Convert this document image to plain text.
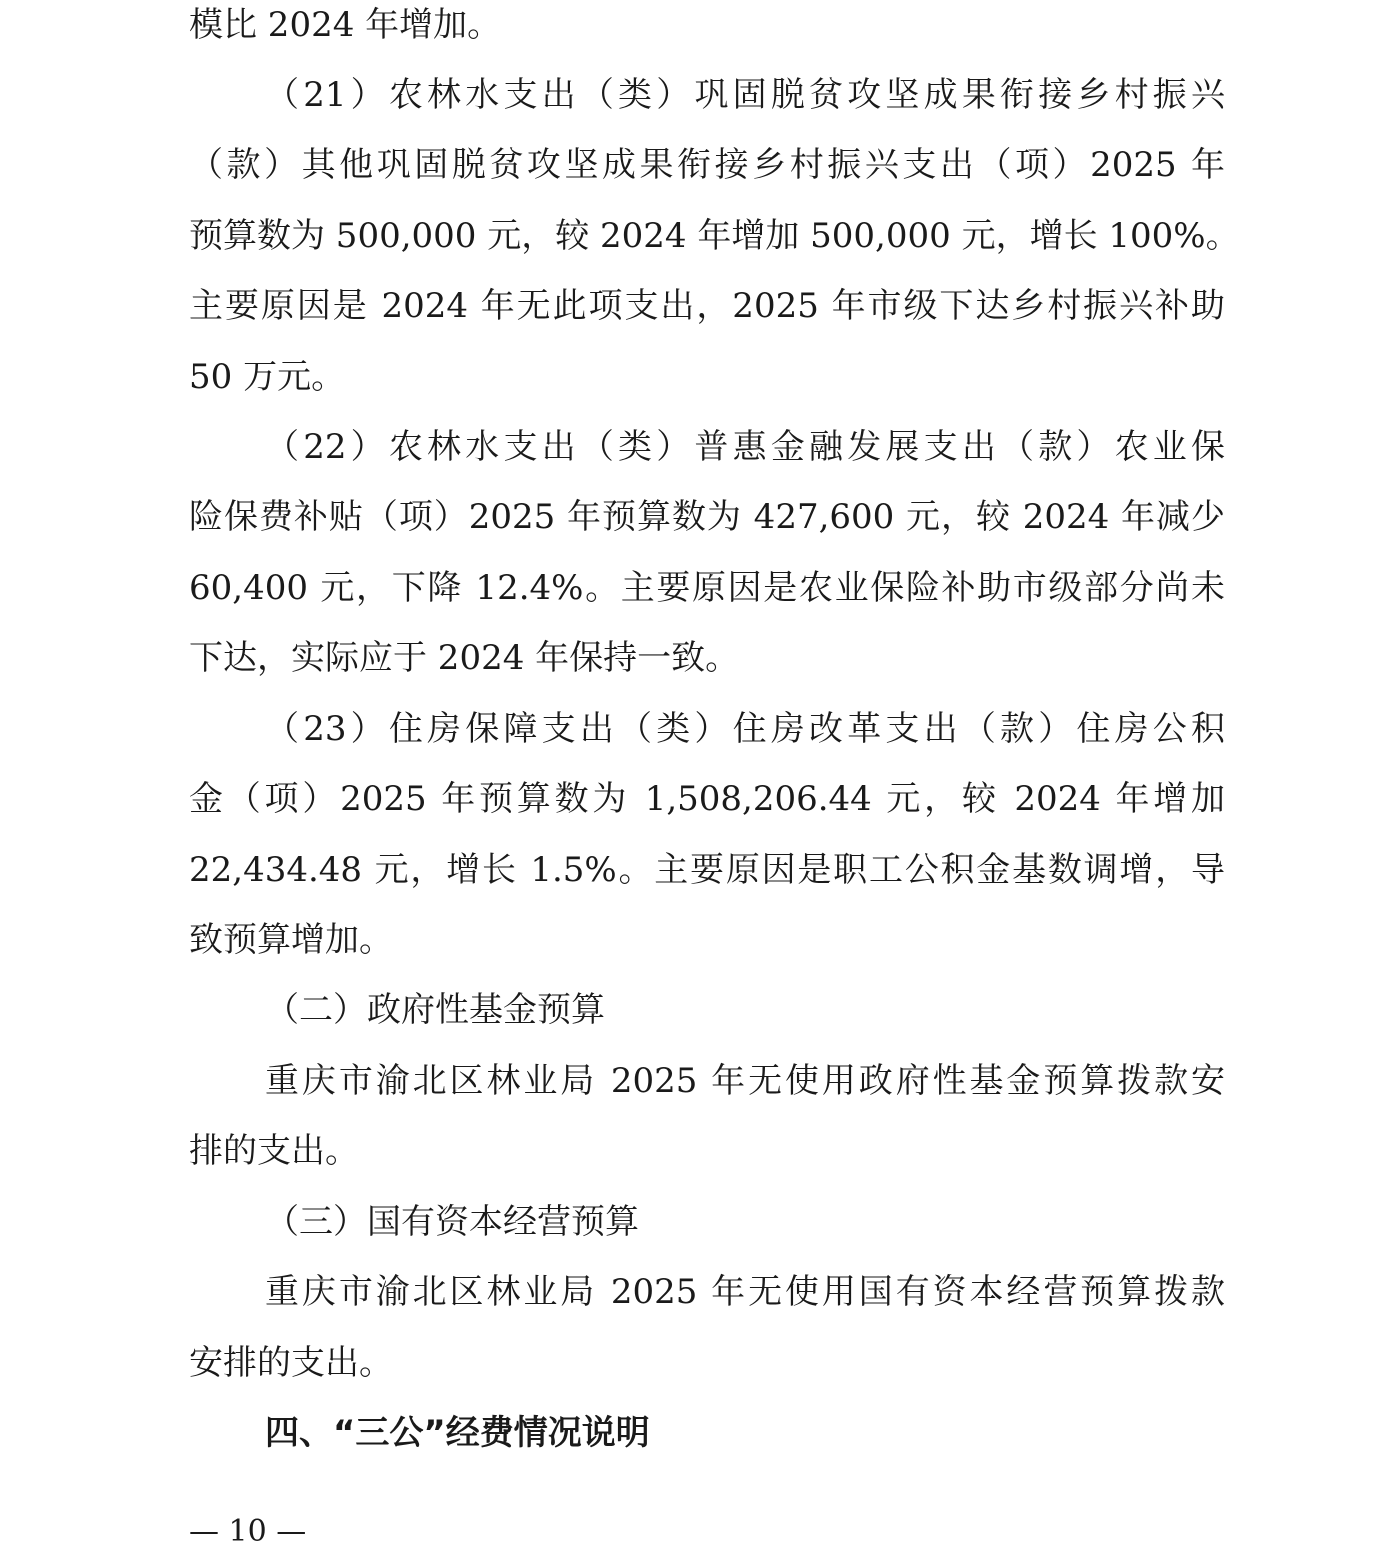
模比 2024 年增加。
（21）农林水支出（类）巩固脱贫攻坚成果衔接乡村振兴
（款）其他巩固脱贫攻坚成果衔接乡村振兴支出（项）2025 年
预算数为 500,000 元，较 2024 年增加 500,000 元，增长 100%。
主要原因是 2024 年无此项支出，2025 年市级下达乡村振兴补助
50 万元。
（22）农林水支出（类）普惠金融发展支出（款）农业保
险保费补贴（项）2025 年预算数为 427,600 元，较 2024 年减少
60,400 元，下降 12.4%。主要原因是农业保险补助市级部分尚未
下达，实际应于 2024 年保持一致。
（23）住房保障支出（类）住房改革支出（款）住房公积
金（项）2025 年预算数为 1,508,206.44 元，较 2024 年增加
22,434.48 元，增长 1.5%。主要原因是职工公积金基数调增，导
致预算增加。
（二）政府性基金预算
重庆市渝北区林业局 2025 年无使用政府性基金预算拨款安
排的支出。
（三）国有资本经营预算
重庆市渝北区林业局 2025 年无使用国有资本经营预算拨款
安排的支出。
四、“三公”经费情况说明
— 10 —
